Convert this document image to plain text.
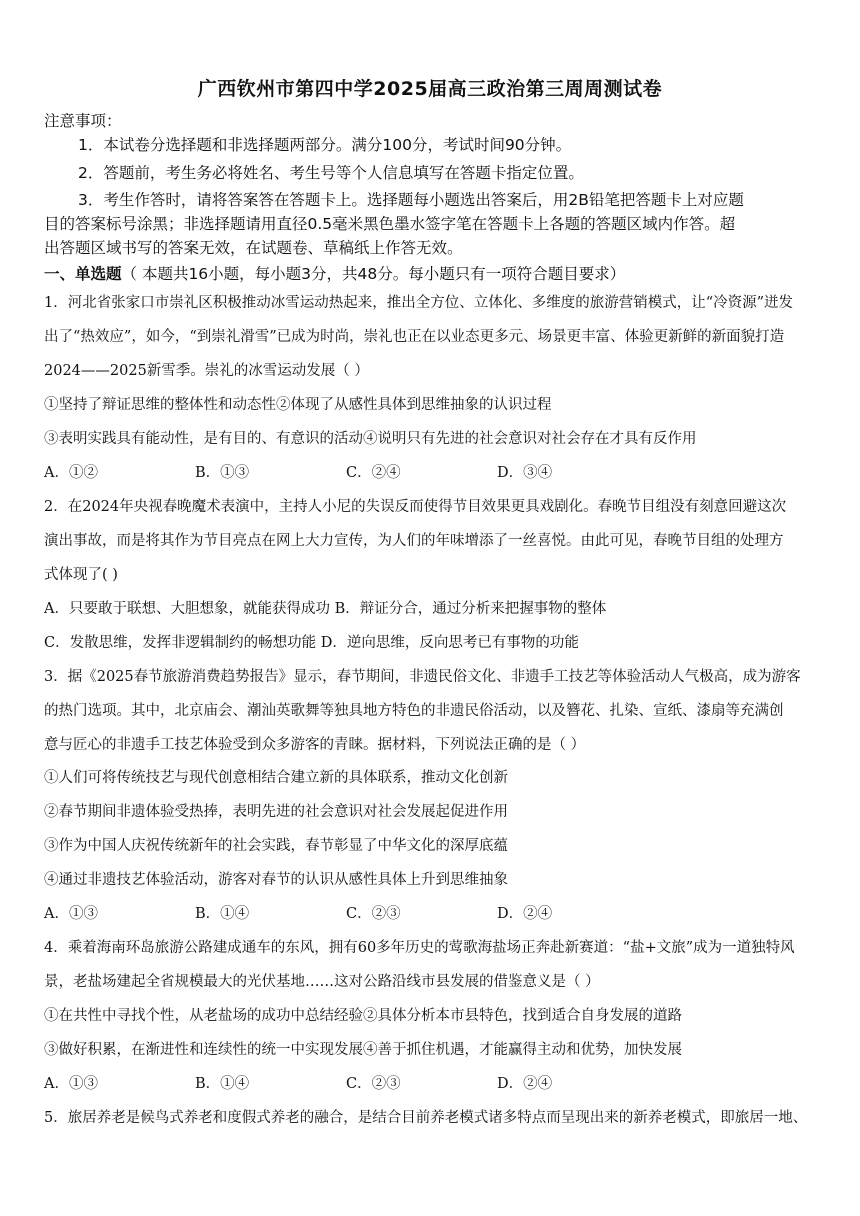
广西钦州市第四中学2025届高三政治第三周周测试卷
注意事项：
1．本试卷分选择题和非选择题两部分。满分100分，考试时间90分钟。
2．答题前，考生务必将姓名、考生号等个人信息填写在答题卡指定位置。
3．考生作答时，请将答案答在答题卡上。选择题每小题选出答案后，用2B铅笔把答题卡上对应题
目的答案标号涂黑；非选择题请用直径0.5毫米黑色墨水签字笔在答题卡上各题的答题区域内作答。超
出答题区域书写的答案无效，在试题卷、草稿纸上作答无效。
一、单选题（ 本题共16小题，每小题3分，共48分。每小题只有一项符合题目要求）
1．河北省张家口市崇礼区积极推动冰雪运动热起来，推出全方位、立体化、多维度的旅游营销模式，让“冷资源”迸发
出了“热效应”，如今，“到崇礼滑雪”已成为时尚，崇礼也正在以业态更多元、场景更丰富、体验更新鲜的新面貌打造
2024——2025新雪季。崇礼的冰雪运动发展（ ）
①坚持了辩证思维的整体性和动态性②体现了从感性具体到思维抽象的认识过程
③表明实践具有能动性，是有目的、有意识的活动④说明只有先进的社会意识对社会存在才具有反作用
A．①②	B．①③	C．②④	D．③④
2．在2024年央视春晚魔术表演中，主持人小尼的失误反而使得节目效果更具戏剧化。春晚节目组没有刻意回避这次
演出事故，而是将其作为节目亮点在网上大力宣传，为人们的年味增添了一丝喜悦。由此可见，春晚节目组的处理方
式体现了( )
A．只要敢于联想、大胆想象，就能获得成功 B．辩证分合，通过分析来把握事物的整体
C．发散思维，发挥非逻辑制约的畅想功能 D．逆向思维，反向思考已有事物的功能
3．据《2025春节旅游消费趋势报告》显示，春节期间，非遗民俗文化、非遗手工技艺等体验活动人气极高，成为游客
的热门选项。其中，北京庙会、潮汕英歌舞等独具地方特色的非遗民俗活动，以及簪花、扎染、宣纸、漆扇等充满创
意与匠心的非遗手工技艺体验受到众多游客的青睐。据材料，下列说法正确的是（ ）
①人们可将传统技艺与现代创意相结合建立新的具体联系，推动文化创新
②春节期间非遗体验受热捧，表明先进的社会意识对社会发展起促进作用
③作为中国人庆祝传统新年的社会实践，春节彰显了中华文化的深厚底蕴
④通过非遗技艺体验活动，游客对春节的认识从感性具体上升到思维抽象
A．①③	B．①④	C．②③	D．②④
4．乘着海南环岛旅游公路建成通车的东风，拥有60多年历史的莺歌海盐场正奔赴新赛道：“盐+文旅”成为一道独特风
景，老盐场建起全省规模最大的光伏基地……这对公路沿线市县发展的借鉴意义是（ ）
①在共性中寻找个性，从老盐场的成功中总结经验②具体分析本市县特色，找到适合自身发展的道路
③做好积累，在渐进性和连续性的统一中实现发展④善于抓住机遇，才能赢得主动和优势，加快发展
A．①③	B．①④	C．②③	D．②④
5．旅居养老是候鸟式养老和度假式养老的融合，是结合目前养老模式诸多特点而呈现出来的新养老模式，即旅居一地、
